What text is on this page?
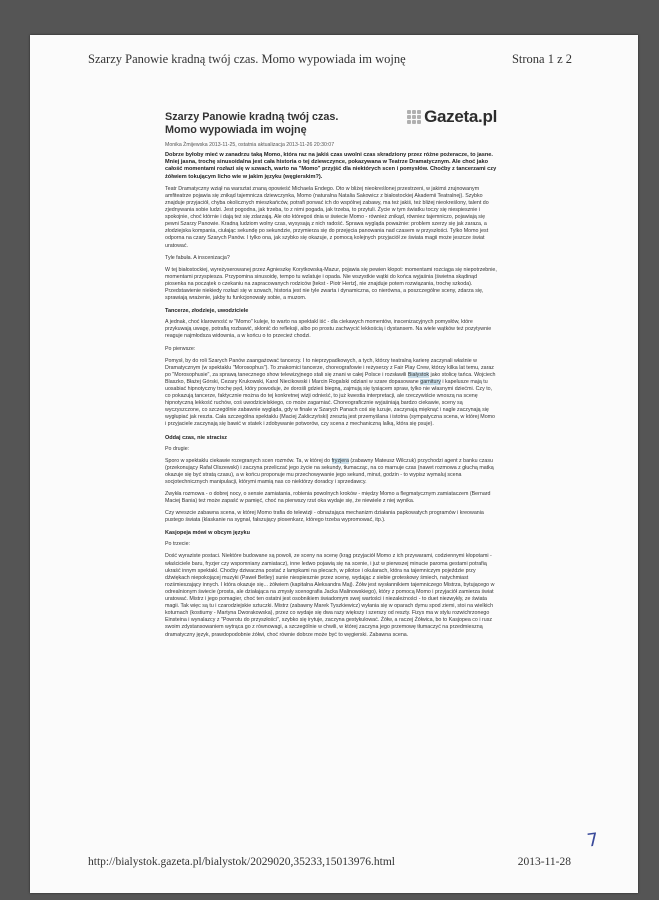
Szarzy Panowie kradną twój czas. Momo wypowiada im wojnę	Strona 1 z 2
Szarzy Panowie kradną twój czas. Momo wypowiada im wojnę
Gazeta.pl
Monika Żmijewska 2013-11-25, ostatnia aktualizacja 2013-11-26 20:30:07
Dobrze byłoby mieć w zanadrzu taką Momo, która raz na jakiś czas uwolni czas skradziony przez różne pożeracze, to jasne. Mniej jasna, trochę sinusoidalna jest cała historia o tej dziewczynce, pokazywana w Teatrze Dramatycznym. Ale choć jako całość momentami rozłazi się w szwach, warto na "Momo" przyjść dla niektórych scen i pomysłów. Choćby z tancerzami czy żółwiem tokującym licho wie w jakim języku (węgierskim?).
Teatr Dramatyczny wziął na warsztat znaną opowieść Michaela Endego. Oto w bliżej nieokreślonej przestrzeni, w jakimś zrujnowanym amfiteatrze pojawia się znikąd tajemnicza dziewczynka, Momo (naturalna Natalia Sakowicz z białostockiej Akademii Teatralnej). Szybko znajduje przyjaciół, chyba okolicznych mieszkańców, potrafi porwać ich do wspólnej zabawy, ma też jakiś, też bliżej nieokreślony, talent do zjednywania sobie ludzi. Jest pogodna, jak trzeba, to z nimi pogada, jak trzeba, to przytuli. Życie w tym światku toczy się niespiesznie i spokojnie, choć którnie i dają też się zdarzają. Ale oto któregoś dnia w świecie Momo - również znikąd, równiez tajemniczo, pojawiają się pewni Szarzy Panowie. Kradną ludziom wolny czas, wysysają z nich radość. Sprawa wygląda poważnie: problem szerzy się jak zaraza, a złodziejska kompania, ciułając sekundę po sekundzie, przymierza się do przejęcia panowania nad czasem w przyszłości. Tylko Momo jest odporna na czary Szarych Panów. I tylko ona, jak szybko się okazuje, z pomocą kolejnych przyjaciół ze świata magii może jeszcze świat uratować.
Tyle fabuła. A inscenizacja?
W tej białostockiej, wyreżyserowanej przez Agnieszkę Korytkowską-Mazur, pojawia się pewien kłopot: momentami rozciąga się niepotrzebnie, momentami przyspiesza. Przypomina sinusoidę, tempo tu wzlatuje i opada. Nie wszystkie wątki do końca wyjaśnia (świetna skądinąd piosenka na początek o czekaniu na zapracowanych rodziców [tekst - Piotr Hertz], nie znajduje potem rozwiązania, trochę szkoda). Przedstawienie niekiedy rozłazi się w szwach, historia jest nie tyle zwarta i dynamiczna, co nierówna, a poszczególne sceny, zdarza się, sprawiają wrażenie, jakby tu funkcjonowały sobie, a muzom.
Tancerze, złodzieje, uwodziciele
A jednak, choć klarowność w "Momo" kuleje, to warto na spektakl iść - dla ciekawych momentów, inscenizacyjnych pomysłów, które przykuwają uwagę, potrafią rozbawić, skłonić do refleksji, albo po prostu zachwycić lekkością i dystansem. Na wiele wątków też pozytywnie reaguje najmłodsza widownia, a w końcu o to przecież chodzi.
Po pierwsze:
Pomysł, by do roli Szarych Panów zaangażować tancerzy. I to nieprzypadkowych, a tych, którzy teatralną karierę zaczynali właśnie w Dramatycznym (w spektaklu "Morosophus"). To znakomici tancerze, choreografowie i reżyserzy z Fair Play Crew, którzy kilka lat temu, zaraz po "Morosophusie", za sprawą tanecznego show telewizyjnego stali się znani w całej Polsce i rozsławili Białystok jako stolicę tańca. Wojciech Blaszko, Błażej Górski, Cezary Krukowski, Karol Niecikowski i Marcin Rogalski odziani w szare dopasowane garnitury i kapelusze mają tu uosabiać hipnotyczny trochę pęd, który powoduje, że dorośli gdzieś biegną, zajmują się tysiącem spraw, tylko nie własnymi dziećmi. Czy to, co pokazują tancerze, faktycznie można do tej konkretnej wizji odnieść, to już kwestia interpretacji, ale rzeczywiście wnoszą na scenę hipnotyczną lekkość ruchów, coś uwodzicielskiego, co może zagarniać. Choreograficznie wyjaśniają bardzo ciekawie, sceny są wyczyszczone, co szczególnie zabawnie wygląda, gdy w finale w Szarych Panach coś się luzuje, zaczynają mięknąć i nagle zaczynają się wygłupiać jak reszta. Cała szczególna spektaklu (Maciej Zakliczyński) zresztą jest przemyślana i istotna (sympatyczna scena, w której Momo i przyjaciele zaczynają się bawić w statek i zdobywanie potworów, czy scena z mechaniczną lalką, która się psuje).
Oddaj czas, nie stracisz
Po drugie:
Sporo w spektaklu ciekawie rozegranych scen rozmów. Ta, w której do fryzjera (zabawny Mateusz Wilczuk) przychodzi agent z banku czasu (przekonujący Rafał Olszewski) i zaczyna przeliczać jego życie na sekundy, tłumacząc, na co marnuje czas (nawet rozmowa z głuchą matką okazuje się być stratą czasu), a w końcu proponuje mu przechowywanie jego sekund, minut, godzin - to wypisz wymaluj scena socjotechnicznych manipulacji, którymi mamią nas co niektórzy doradcy i sprzedawcy.
Zwykła rozmowa - o dobrej nocy, o sensie zamiatania, robienia powolnych kroków - między Momo a flegmatycznym zamiataczem (Bernard Maciej Bania) też może zapaść w pamięć, choć na pierwszy rzut oka wydaje się, że niewiele z niej wynika.
Czy wreszcie zabawna scena, w której Momo trafia do telewizji - obnażająca mechanizm działania papkowatych programów i kreowania pustego świata (klaskanie na sygnał, fałszujący piosenkarz, którego trzeba wypromować, itp.).
Kasjopeja mówi w obcym języku
Po trzecie:
Dość wyraziste postaci. Niektóre budowane są powoli, ze sceny na scenę (krąg przyjaciół Momo z ich przywarami, codziennymi kłopotami - właściciele baru, fryzjer czy wspomniany zamiatacz), inne ledwo pojawią się na scenie, i już w pierwszej minucie paroma gestami potrafią ukraść innym spektakl. Choćby dziwaczna postać z lampkami na plecach, w pilotce i okularach, która na tajemniczym pojeździe przy dźwiękach niepokojącej muzyki (Paweł Betley) sunie niespiesznie przez scenę, wydając z siebie groteskowy śmiech, natychmiast rozśmieszający innych. I która okazuje się... żółwiem (kapitalna Aleksandra Maj). Żółw jest wysłannikiem tajemniczego Mistrza, bytującego w odrealnionym świecie (prosta, ale działająca na zmysły scenografia Jacka Malinowskiego), który z pomocą Momo i przyjaciół zamierza świat uratować. Mistrz i jego pomagier, choć ten ostatni jest osobnikiem świadomym swej wartości i niezależności - to duet niezwykły, ze świata magii. Tak więc są tu i czarodziejskie sztuczki. Mistrz (zabawny Marek Tyszkiewicz) wyłania się w oparach dymu spod ziemi, stoi na wielkich koturnach (kostiumy - Martyna Dworakowska), przez co wydaje się dwa razy większy i szerszy od reszty. Fizys ma w stylu rozwichrzonego Einsteina i wynalazcy z "Powrotu do przyszłości", szybko się irytuje, zaczyna gestykulować. Żółw, a raczej Żółwica, bo to Kasjopea co i rusz swoim zdystansowaniem wytrąca go z równowagi, a szczególnie w chwili, w której zaczyna jego przemowę tłumaczyć na przedmieszną dramatyczny język, prawdopodobnie żółwi, choć równie dobrze może być to węgierski. Zabawna scena.
7
http://bialystok.gazeta.pl/bialystok/2029020,35233,15013976.html	2013-11-28
